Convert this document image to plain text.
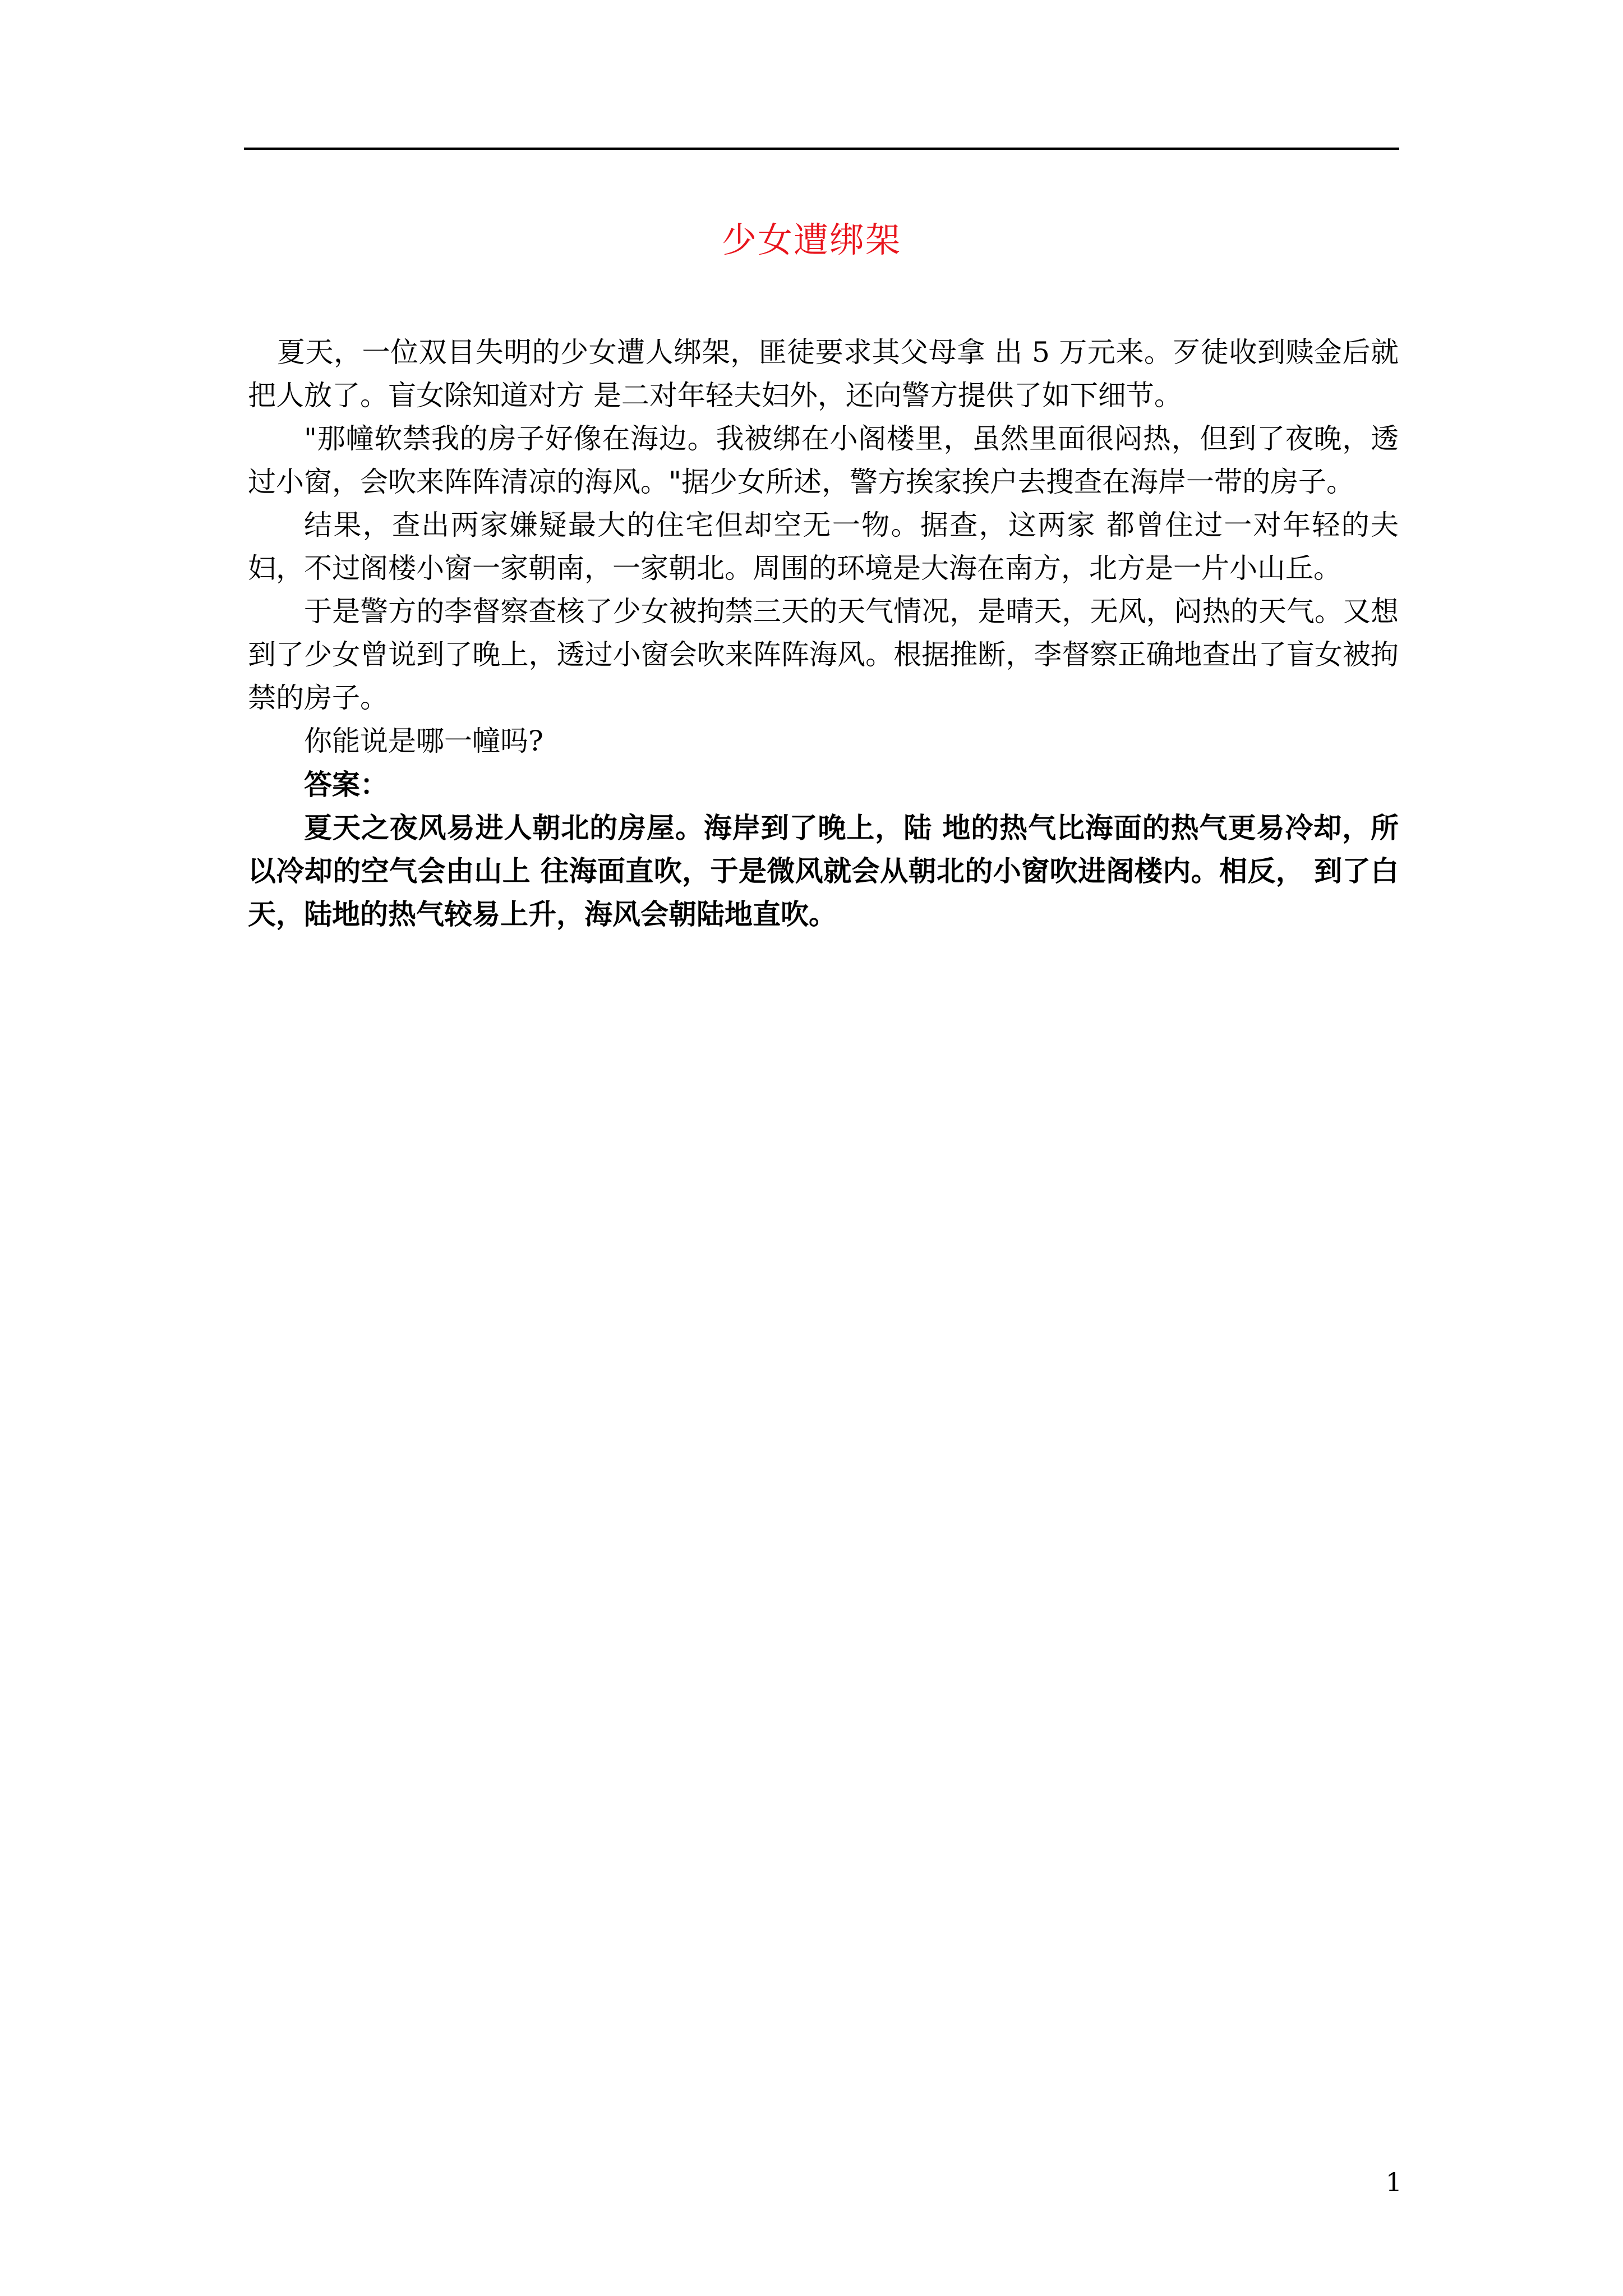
少女遭绑架

夏天，一位双目失明的少女遭人绑架，匪徒要求其父母拿 出 5 万元来。歹徒收到赎金后就把人放了。盲女除知道对方 是二对年轻夫妇外，还向警方提供了如下细节。

"那幢软禁我的房子好像在海边。我被绑在小阁楼里，虽然里面很闷热，但到了夜晚，透过小窗，会吹来阵阵清凉的海风。"据少女所述，警方挨家挨户去搜查在海岸一带的房子。

结果，查出两家嫌疑最大的住宅但却空无一物。据查，这两家 都曾住过一对年轻的夫妇，不过阁楼小窗一家朝南，一家朝北。周围的环境是大海在南方，北方是一片小山丘。

于是警方的李督察查核了少女被拘禁三天的天气情况，是晴天，无风，闷热的天气。又想到了少女曾说到了晚上，透过小窗会吹来阵阵海风。根据推断，李督察正确地查出了盲女被拘禁的房子。

你能说是哪一幢吗?

答案：

夏天之夜风易进人朝北的房屋。海岸到了晚上，陆 地的热气比海面的热气更易冷却，所以冷却的空气会由山上 往海面直吹，于是微风就会从朝北的小窗吹进阁楼内。相反， 到了白天，陆地的热气较易上升，海风会朝陆地直吹。

1
